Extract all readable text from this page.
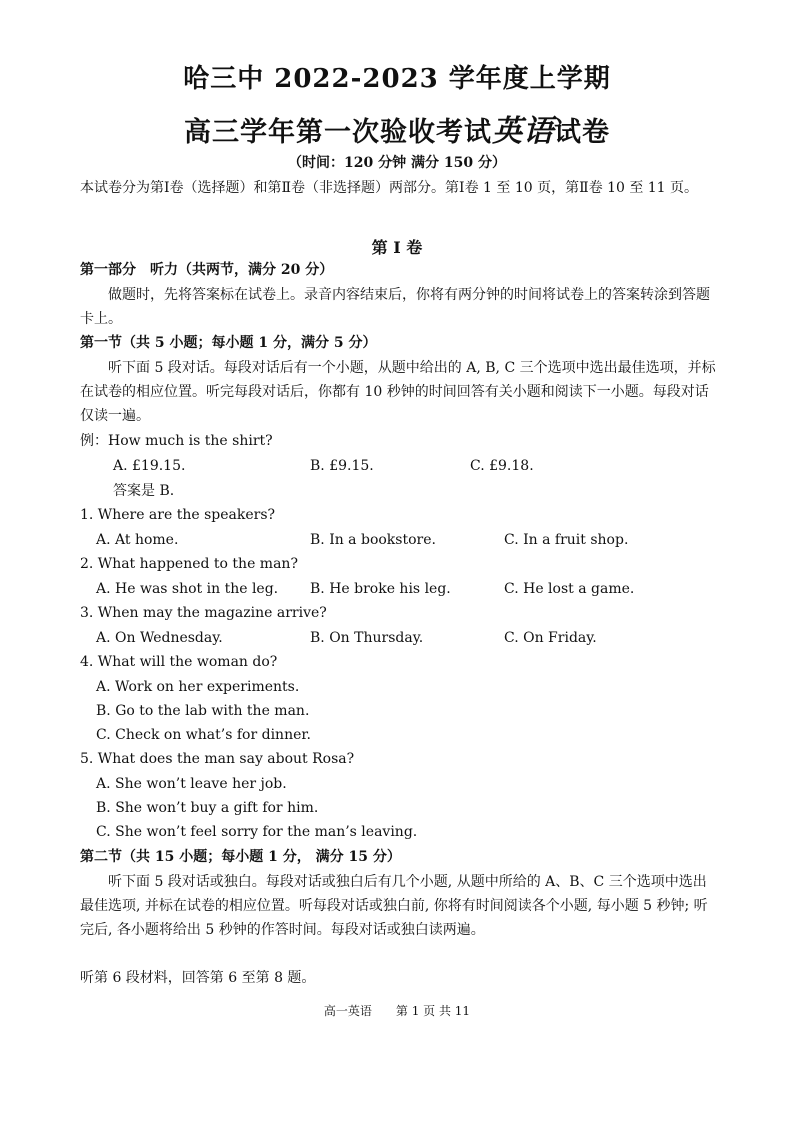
哈三中 2022-2023 学年度上学期
高三学年第一次验收考试英语试卷
（时间：120 分钟 满分 150 分）
本试卷分为第Ⅰ卷（选择题）和第Ⅱ卷（非选择题）两部分。第Ⅰ卷 1 至 10 页，第Ⅱ卷 10 至 11 页。
第 Ⅰ 卷
第一部分　听力（共两节，满分 20 分）
做题时，先将答案标在试卷上。录音内容结束后，你将有两分钟的时间将试卷上的答案转涂到答题卡上。
第一节（共 5 小题；每小题 1 分，满分 5 分）
听下面 5 段对话。每段对话后有一个小题，从题中给出的 A, B, C 三个选项中选出最佳选项，并标在试卷的相应位置。听完每段对话后，你都有 10 秒钟的时间回答有关小题和阅读下一小题。每段对话仅读一遍。
例：How much is the shirt?
A. £19.15.	B. £9.15.	C. £9.18.
答案是 B.
1. Where are the speakers?
A. At home.	B. In a bookstore.	C. In a fruit shop.
2. What happened to the man?
A. He was shot in the leg. B. He broke his leg.	C. He lost a game.
3. When may the magazine arrive?
A. On Wednesday.	B. On Thursday.	C. On Friday.
4. What will the woman do?
A. Work on her experiments.
B. Go to the lab with the man.
C. Check on what’s for dinner.
5. What does the man say about Rosa?
A. She won’t leave her job.
B. She won’t buy a gift for him.
C. She won’t feel sorry for the man’s leaving.
第二节（共 15 小题；每小题 1 分， 满分 15 分）
听下面 5 段对话或独白。每段对话或独白后有几个小题, 从题中所给的 A、B、C 三个选项中选出最佳选项, 并标在试卷的相应位置。听每段对话或独白前, 你将有时间阅读各个小题, 每小题 5 秒钟; 听完后, 各小题将给出 5 秒钟的作答时间。每段对话或独白读两遍。
听第 6 段材料，回答第 6 至第 8 题。
高一英语　　第 1 页 共 11
